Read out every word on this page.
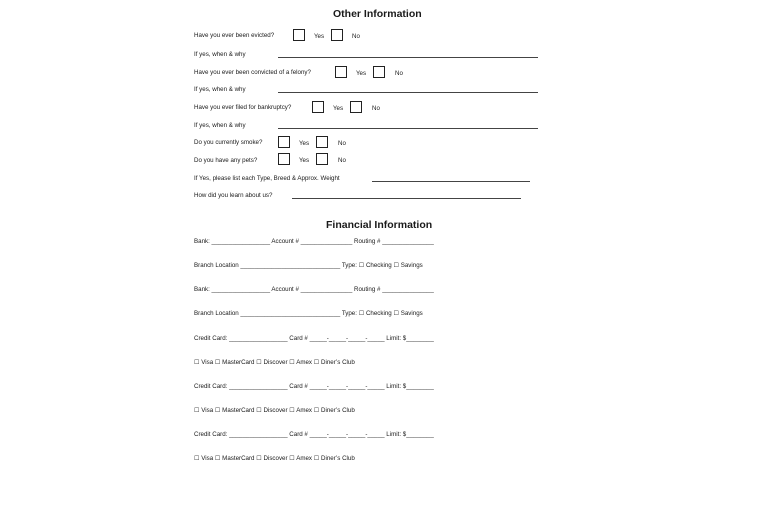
Other Information
Have you ever been evicted?	Yes	No
If yes, when & why
Have you ever been convicted of a felony?	Yes	No
If yes, when & why
Have you ever filed for bankruptcy?	Yes	No
If yes, when & why
Do you currently smoke?	Yes	No
Do you have any pets?	Yes	No
If Yes, please list each Type, Breed & Approx. Weight
How did you learn about us?
Financial Information
Bank: _________________ Account # _______________ Routing # _______________
Branch Location _____________________________ Type: ☐ Checking ☐ Savings
Bank: _________________ Account # _______________ Routing # _______________
Branch Location _____________________________ Type: ☐ Checking ☐ Savings
Credit Card: _________________ Card # _____-_____-_____-_____ Limit: $________
☐ Visa ☐ MasterCard ☐ Discover ☐ Amex ☐ Diner’s Club
Credit Card: _________________ Card # _____-_____-_____-_____ Limit: $________
☐ Visa ☐ MasterCard ☐ Discover ☐ Amex ☐ Diner’s Club
Credit Card: _________________ Card # _____-_____-_____-_____ Limit: $________
☐ Visa ☐ MasterCard ☐ Discover ☐ Amex ☐ Diner’s Club
